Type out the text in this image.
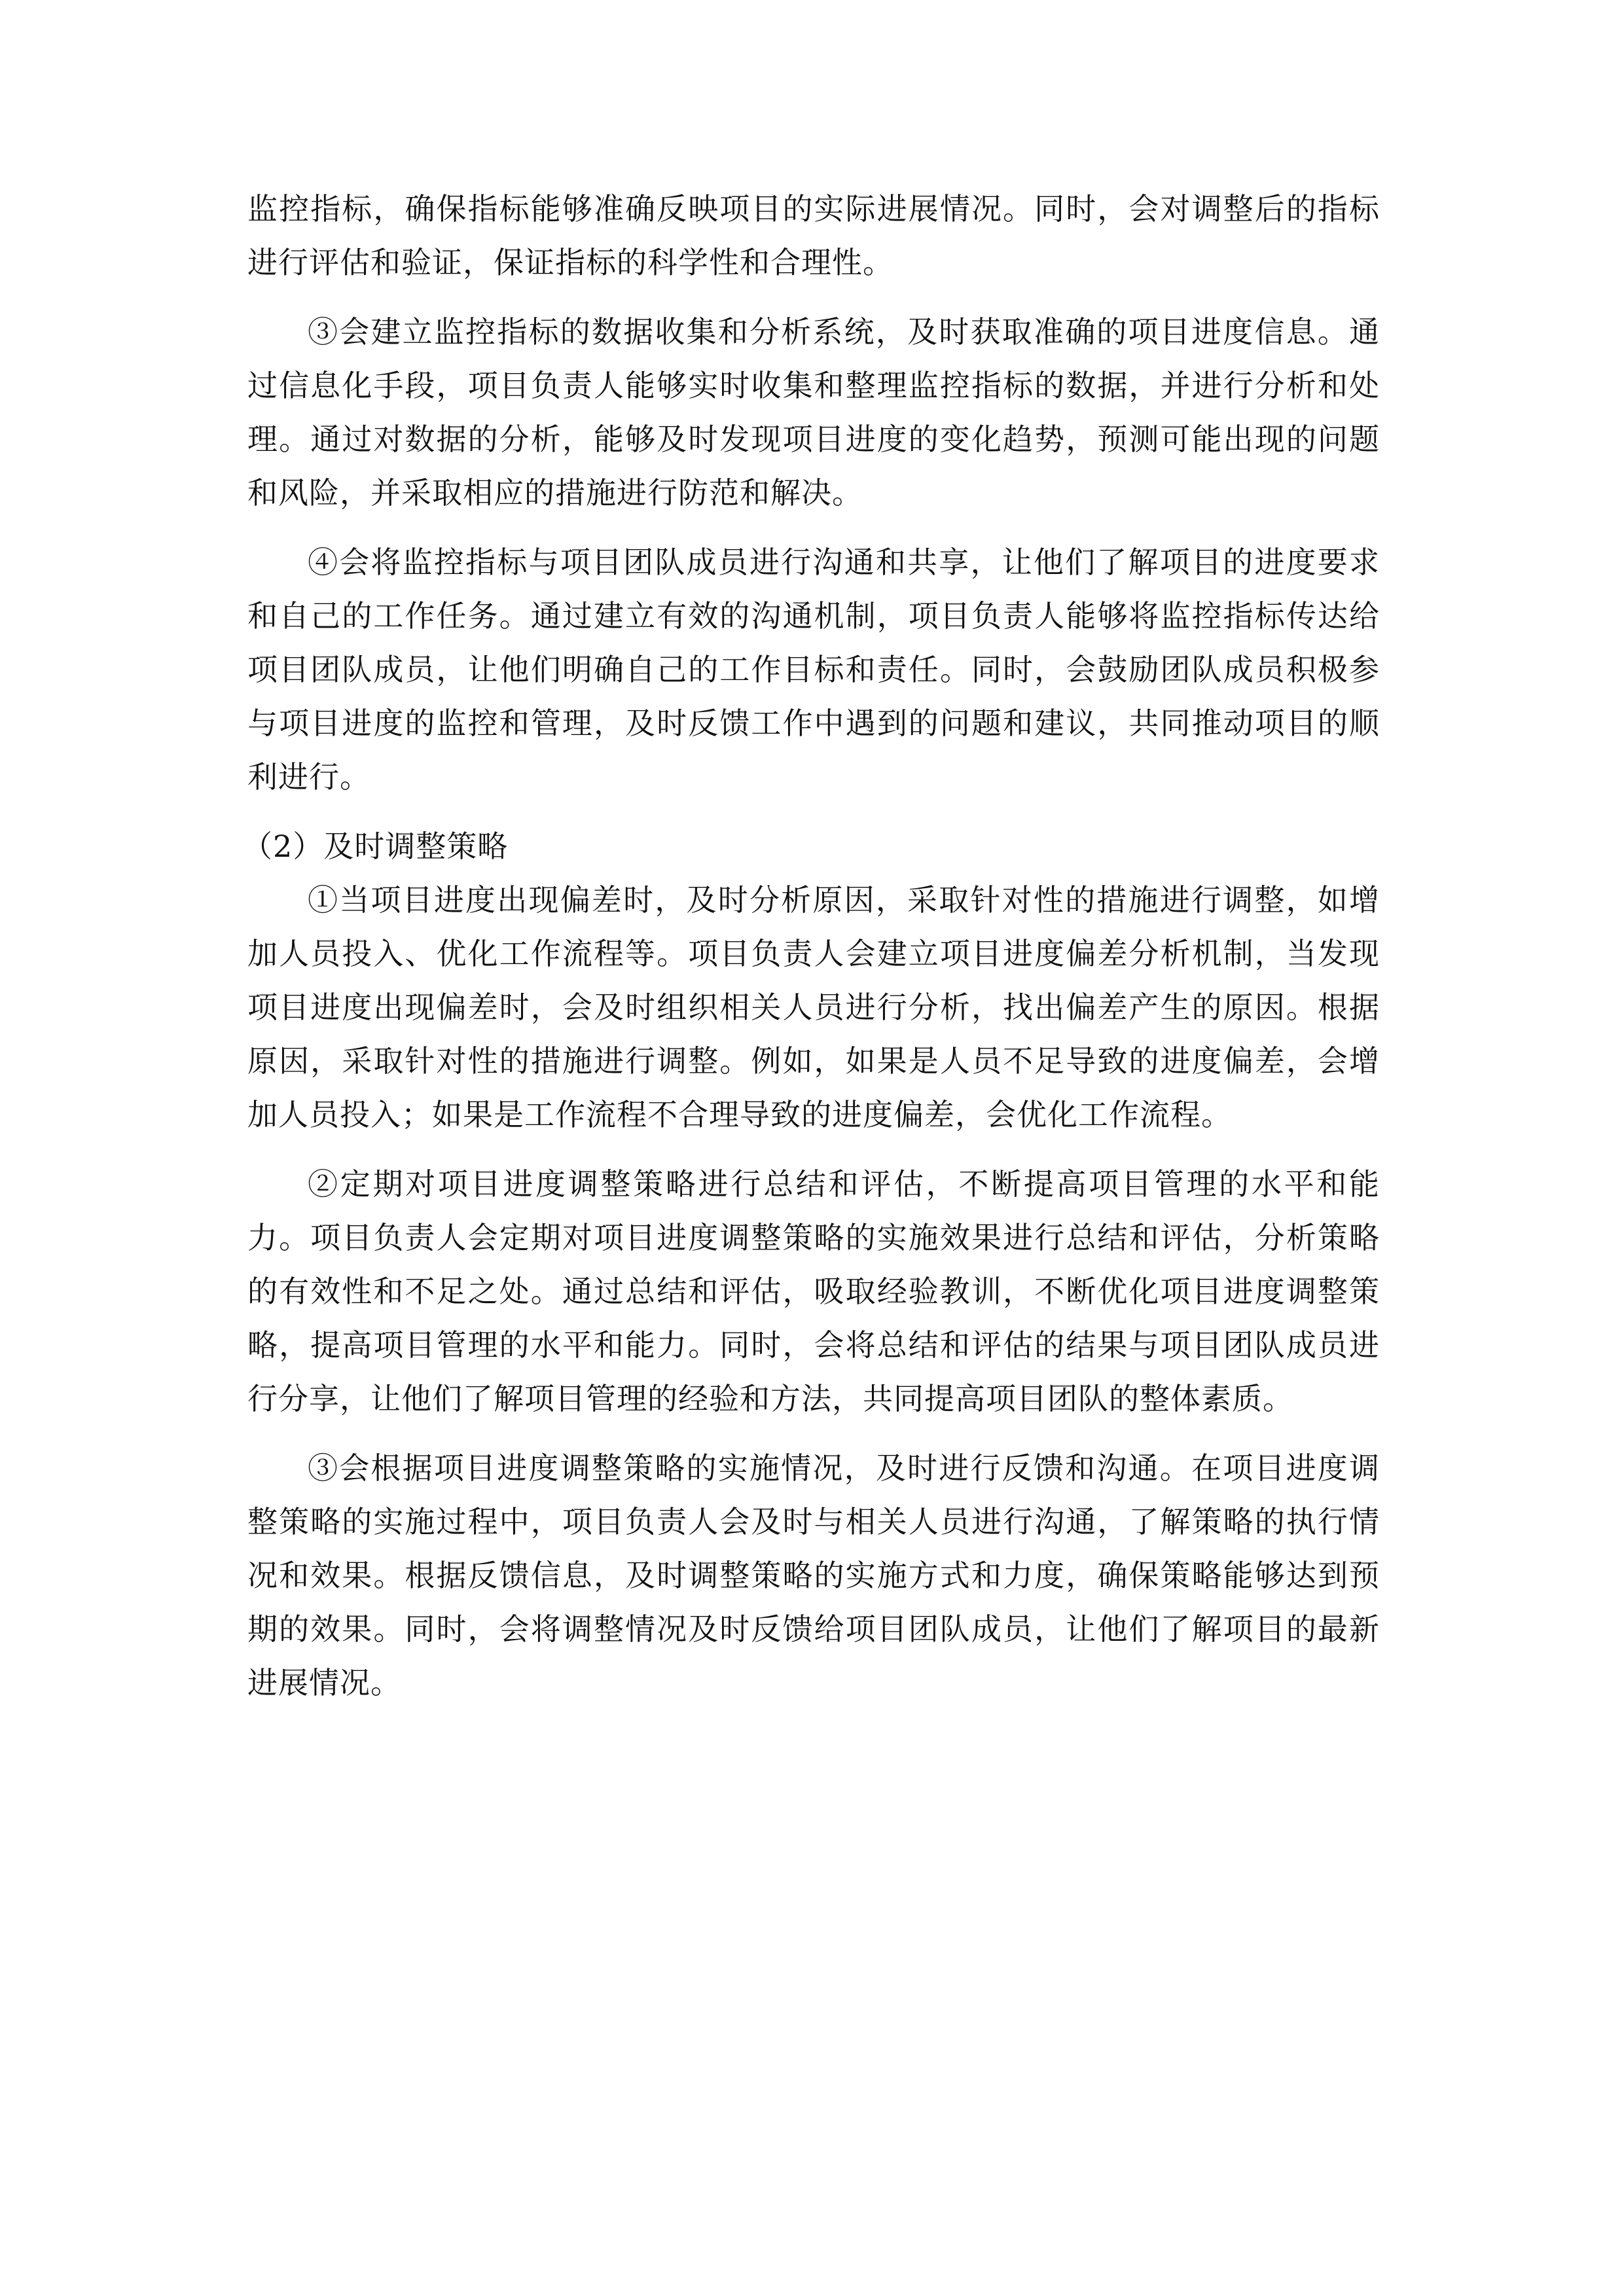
监控指标，确保指标能够准确反映项目的实际进展情况。同时，会对调整后的指标进行评估和验证，保证指标的科学性和合理性。

③会建立监控指标的数据收集和分析系统，及时获取准确的项目进度信息。通过信息化手段，项目负责人能够实时收集和整理监控指标的数据，并进行分析和处理。通过对数据的分析，能够及时发现项目进度的变化趋势，预测可能出现的问题和风险，并采取相应的措施进行防范和解决。

④会将监控指标与项目团队成员进行沟通和共享，让他们了解项目的进度要求和自己的工作任务。通过建立有效的沟通机制，项目负责人能够将监控指标传达给项目团队成员，让他们明确自己的工作目标和责任。同时，会鼓励团队成员积极参与项目进度的监控和管理，及时反馈工作中遇到的问题和建议，共同推动项目的顺利进行。

（2）及时调整策略

①当项目进度出现偏差时，及时分析原因，采取针对性的措施进行调整，如增加人员投入、优化工作流程等。项目负责人会建立项目进度偏差分析机制，当发现项目进度出现偏差时，会及时组织相关人员进行分析，找出偏差产生的原因。根据原因，采取针对性的措施进行调整。例如，如果是人员不足导致的进度偏差，会增加人员投入；如果是工作流程不合理导致的进度偏差，会优化工作流程。

②定期对项目进度调整策略进行总结和评估，不断提高项目管理的水平和能力。项目负责人会定期对项目进度调整策略的实施效果进行总结和评估，分析策略的有效性和不足之处。通过总结和评估，吸取经验教训，不断优化项目进度调整策略，提高项目管理的水平和能力。同时，会将总结和评估的结果与项目团队成员进行分享，让他们了解项目管理的经验和方法，共同提高项目团队的整体素质。

③会根据项目进度调整策略的实施情况，及时进行反馈和沟通。在项目进度调整策略的实施过程中，项目负责人会及时与相关人员进行沟通，了解策略的执行情况和效果。根据反馈信息，及时调整策略的实施方式和力度，确保策略能够达到预期的效果。同时，会将调整情况及时反馈给项目团队成员，让他们了解项目的最新进展情况。
